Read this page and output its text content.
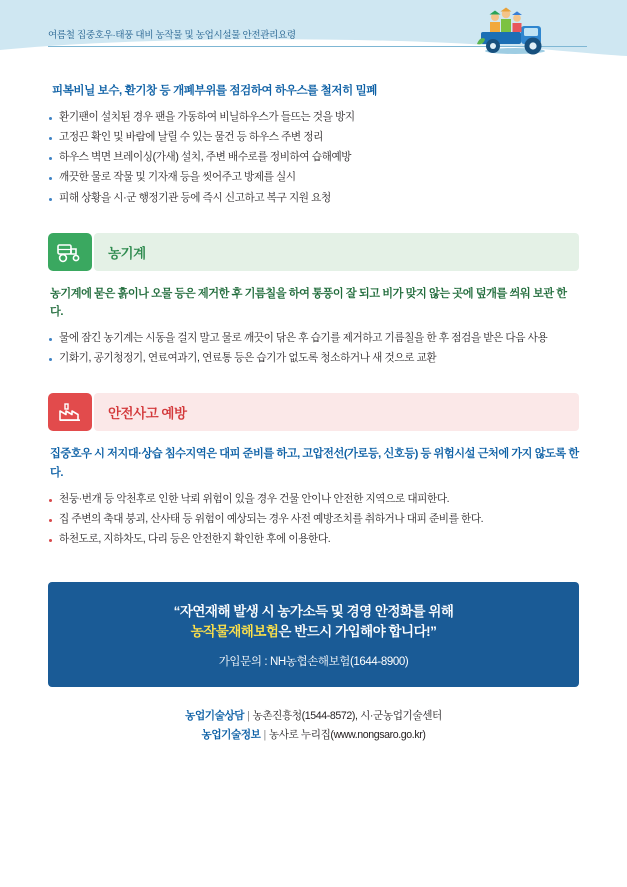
여름철 집중호우·태풍 대비 농작물 및 농업시설물 안전관리요령
피복비닐 보수, 환기창 등 개폐부위를 점검하여 하우스를 철저히 밀폐
환기팬이 설치된 경우 팬을 가동하여 비닐하우스가 들뜨는 것을 방지
고정끈 확인 및 바람에 날릴 수 있는 물건 등 하우스 주변 정리
하우스 벽면 브레이싱(가새) 설치, 주변 배수로를 정비하여 습해예방
깨끗한 물로 작물 및 기자재 등을 씻어주고 방제를 실시
피해 상황을 시·군 행정기관 등에 즉시 신고하고 복구 지원 요청
농기계

농기계에 묻은 흙이나 오물 등은 제거한 후 기름칠을 하여 통풍이 잘 되고 비가 맞지 않는 곳에 덮개를 씌워 보관 한다.

물에 잠긴 농기계는 시동을 걸지 말고 물로 깨끗이 닦은 후 습기를 제거하고 기름칠을 한 후 점검을 받은 다음 사용
기화기, 공기청정기, 연료여과기, 연료통 등은 습기가 없도록 청소하거나 새 것으로 교환
안전사고 예방

집중호우 시 저지대·상습 침수지역은 대피 준비를 하고, 고압전선(가로등, 신호등) 등 위험시설 근처에 가지 않도록 한다.

천둥·번개 등 악천후로 인한 낙뢰 위험이 있을 경우 건물 안이나 안전한 지역으로 대피한다.
집 주변의 축대 붕괴, 산사태 등 위험이 예상되는 경우 사전 예방조치를 취하거나 대피 준비를 한다.
하천도로, 지하차도, 다리 등은 안전한지 확인한 후에 이용한다.
“자연재해 발생 시 농가소득 및 경영 안정화를 위해
농작물재해보험은 반드시 가입해야 합니다!”
가입문의 : NH농협손해보험(1644-8900)
농업기술상담 | 농촌진흥청(1544-8572), 시·군농업기술센터
농업기술정보 | 농사로 누리집(www.nongsaro.go.kr)
